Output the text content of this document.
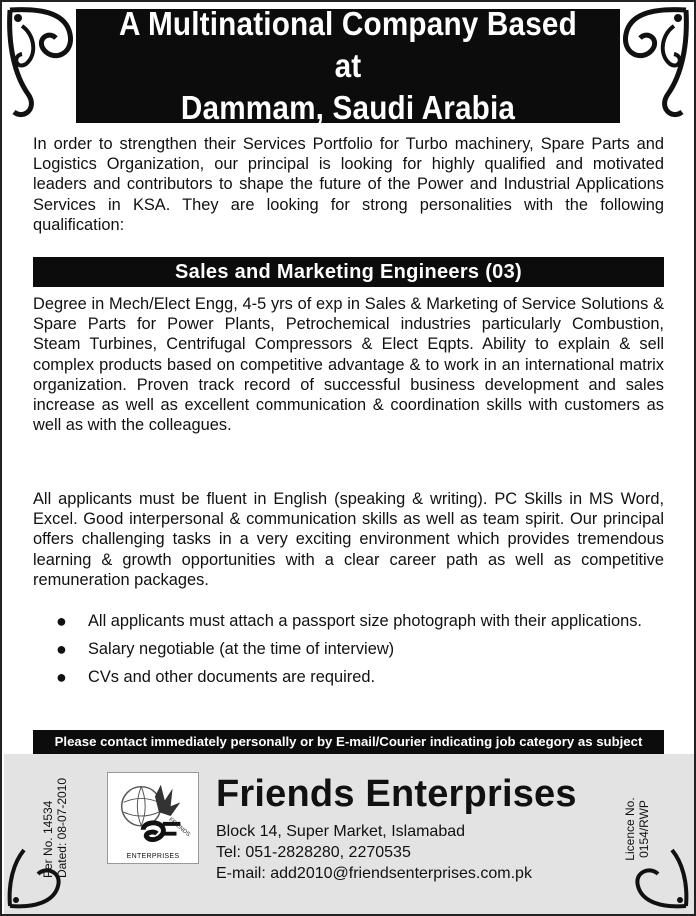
A Multinational Company Based at
Dammam, Saudi Arabia

In order to strengthen their Services Portfolio for Turbo machinery, Spare Parts and Logistics Organization, our principal is looking for highly qualified and motivated leaders and contributors to shape the future of the Power and Industrial Applications Services in KSA. They are looking for strong personalities with the following qualification:

Sales and Marketing Engineers (03)

Degree in Mech/Elect Engg, 4-5 yrs of exp in Sales & Marketing of Service Solutions & Spare Parts for Power Plants, Petrochemical industries particularly Combustion, Steam Turbines, Centrifugal Compressors & Elect Eqpts. Ability to explain & sell complex products based on competitive advantage & to work in an international matrix organization. Proven track record of successful business development and sales increase as well as excellent communication & coordination skills with customers as well as with the colleagues.

All applicants must be fluent in English (speaking & writing). PC Skills in MS Word, Excel. Good interpersonal & communication skills as well as team spirit. Our principal offers challenging tasks in a very exciting environment which provides tremendous learning & growth opportunities with a clear career path as well as competitive remuneration packages.

●	All applicants must attach a passport size photograph with their applications.
●	Salary negotiable (at the time of interview)
●	CVs and other documents are required.
Please contact immediately personally or by E-mail/Courier indicating job category as subject
Per No. 14534 Dated: 08-07-2010	FRIENDS
ENTERPRISES
Friends Enterprises
Block 14, Super Market, Islamabad
Tel: 051-2828280, 2270535
E-mail: add2010@friendsenterprises.com.pk
Licence No. 0154/RWP
